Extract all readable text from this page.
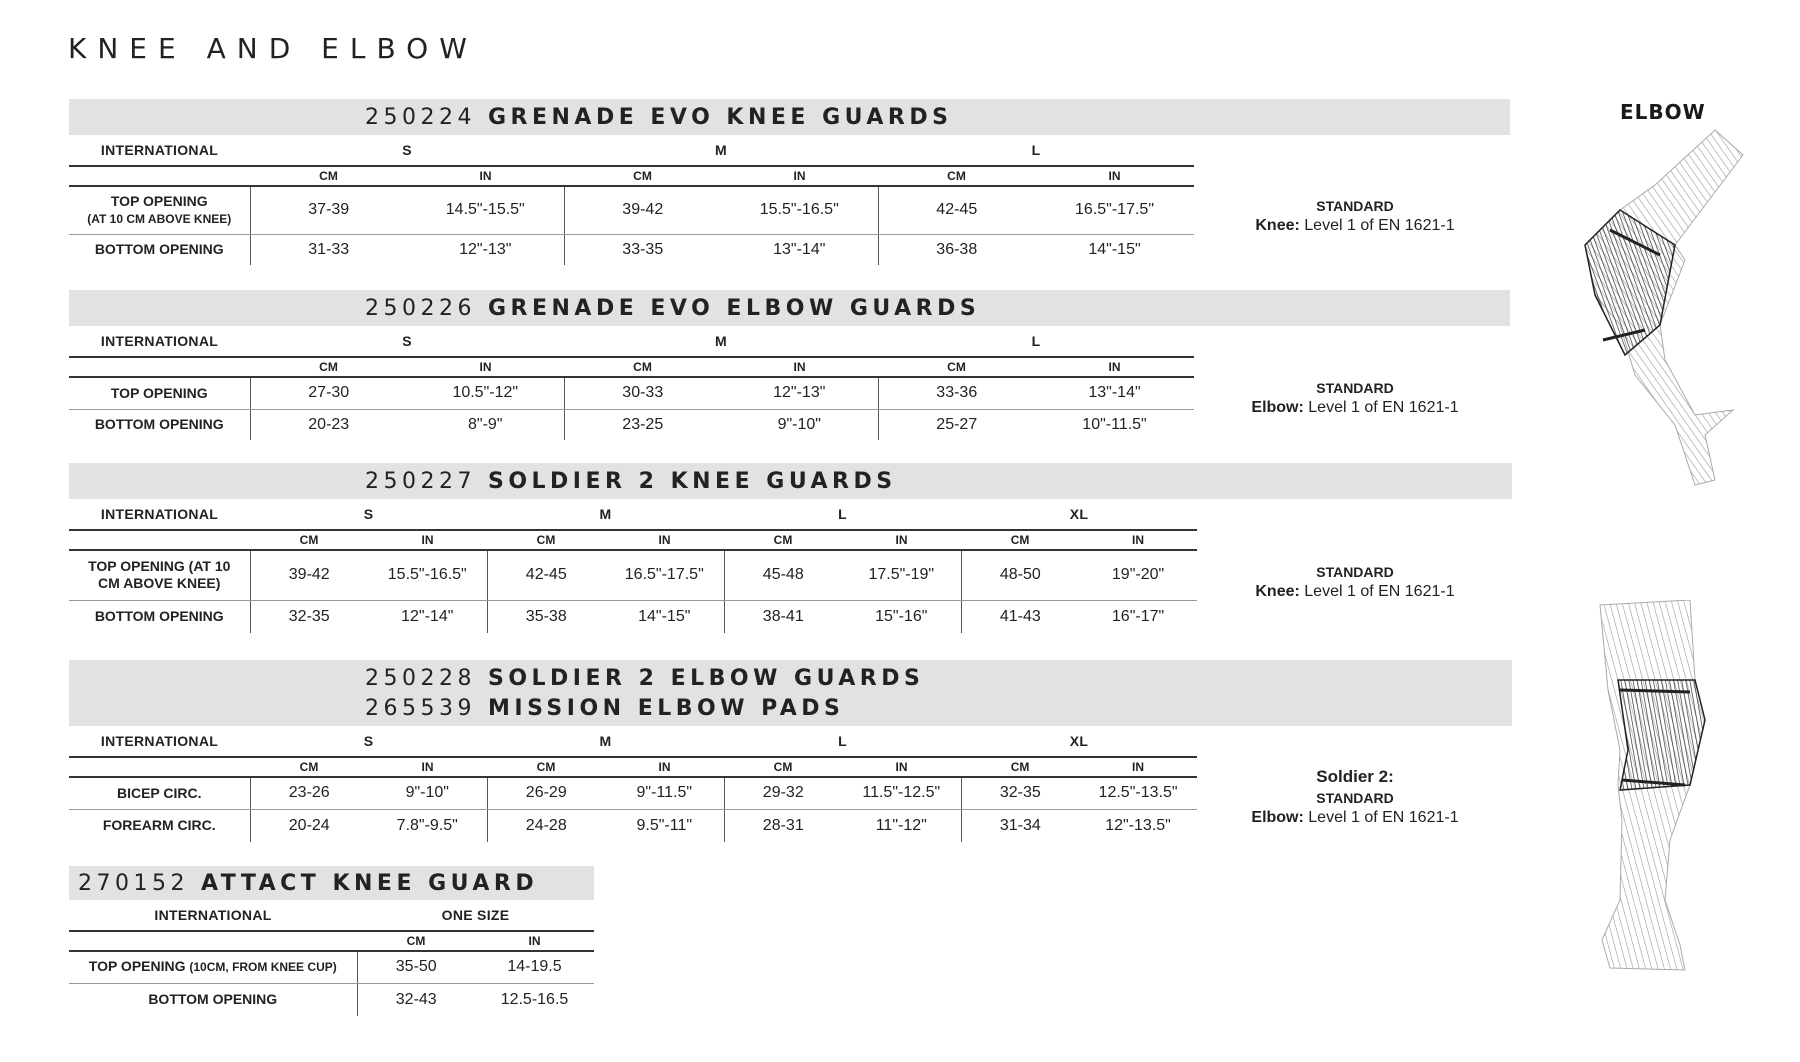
KNEE AND ELBOW
250224 GRENADE EVO KNEE GUARDS
INTERNATIONAL	S		M		L	
	CM	IN	CM	IN	CM	IN
TOP OPENING
(AT 10 CM ABOVE KNEE)	37-39	14.5"-15.5"	39-42	15.5"-16.5"	42-45	16.5"-17.5"
BOTTOM OPENING	31-33	12"-13"	33-35	13"-14"	36-38	14"-15"
STANDARD
Knee: Level 1 of EN 1621-1
250226 GRENADE EVO ELBOW GUARDS
INTERNATIONAL	S		M		L	
	CM	IN	CM	IN	CM	IN
TOP OPENING	27-30	10.5"-12"	30-33	12"-13"	33-36	13"-14"
BOTTOM OPENING	20-23	8"-9"	23-25	9"-10"	25-27	10"-11.5"
STANDARD
Elbow: Level 1 of EN 1621-1
250227 SOLDIER 2 KNEE GUARDS
INTERNATIONAL	S		M		L		XL	
	CM	IN	CM	IN	CM	IN	CM	IN
TOP OPENING (AT 10
CM ABOVE KNEE)	39-42	15.5"-16.5"	42-45	16.5"-17.5"	45-48	17.5"-19"	48-50	19"-20"
BOTTOM OPENING	32-35	12"-14"	35-38	14"-15"	38-41	15"-16"	41-43	16"-17"
STANDARD
Knee: Level 1 of EN 1621-1
250228 SOLDIER 2 ELBOW GUARDS
265539 MISSION ELBOW PADS
INTERNATIONAL	S		M		L		XL	
	CM	IN	CM	IN	CM	IN	CM	IN
BICEP CIRC.	23-26	9"-10"	26-29	9"-11.5"	29-32	11.5"-12.5"	32-35	12.5"-13.5"
FOREARM CIRC.	20-24	7.8"-9.5"	24-28	9.5"-11"	28-31	11"-12"	31-34	12"-13.5"
Soldier 2:
STANDARD
Elbow: Level 1 of EN 1621-1
270152 ATTACT KNEE GUARD
INTERNATIONAL	ONE SIZE	
	CM	IN
TOP OPENING (10CM, FROM KNEE CUP)	35-50	14-19.5
BOTTOM OPENING	32-43	12.5-16.5
ELBOW
